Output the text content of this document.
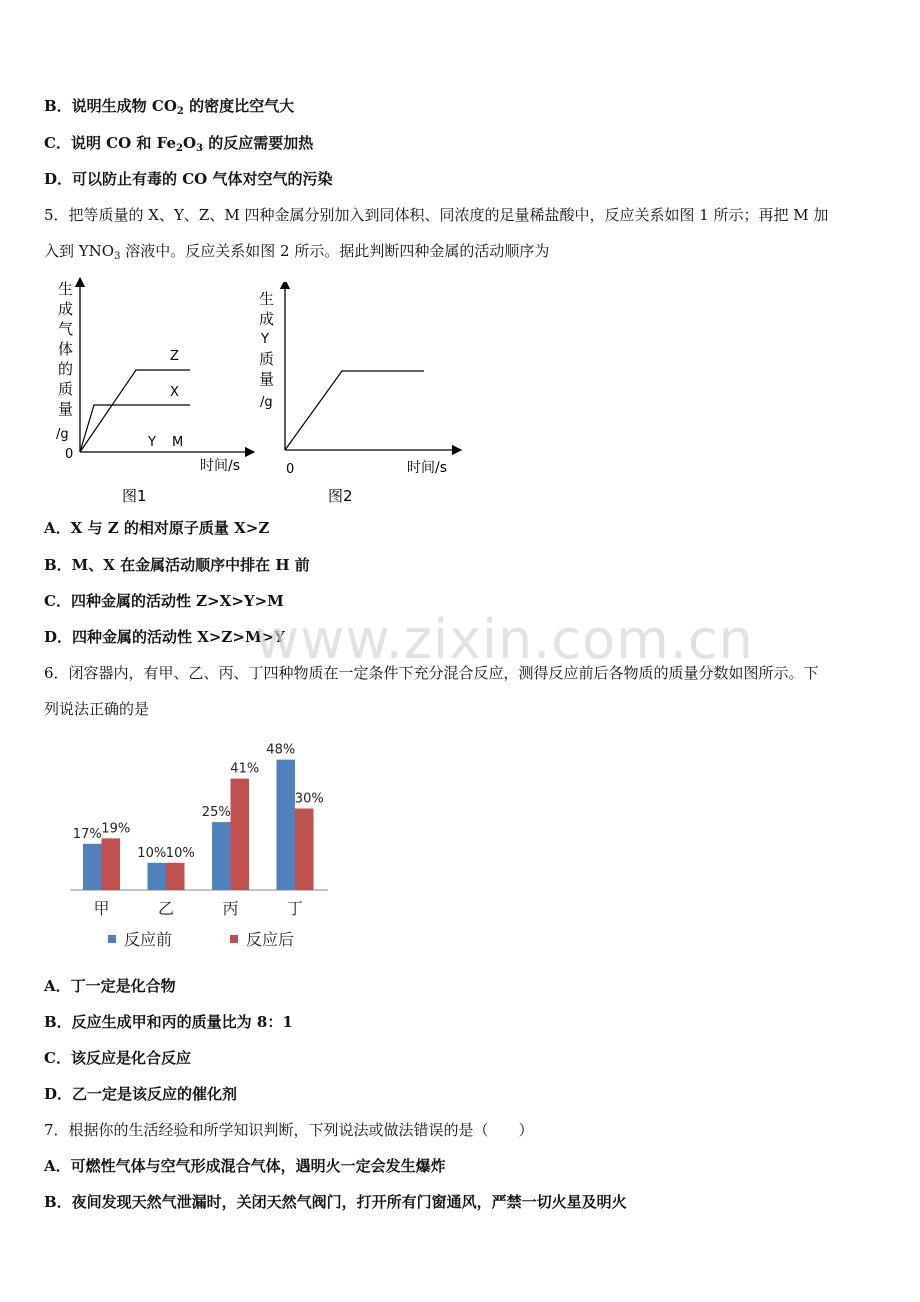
B．说明生成物 $CO_2$ 的密度比空气大
C．说明 CO 和 $Fe_2O_3$ 的反应需要加热
D．可以防止有毒的 CO 气体对空气的污染
5．把等质量的 X、Y、Z、M 四种金属分别加入到同体积、同浓度的足量稀盐酸中，反应关系如图 1 所示；再把 M 加
入到 $YNO_3$ 溶液中。反应关系如图 2 所示。据此判断四种金属的活动顺序为
生
成
气
体
的
质
量
/g
0
Z
X
Y M
时间/s
图1
生
成
Y
质
量
/g
0	时间/s
图2
A．X 与 Z 的相对原子质量 X>Z
B．M、X 在金属活动顺序中排在 H 前
C．四种金属的活动性 Z>X>Y>M
D．四种金属的活动性 X>Z>M>Y
www.zixin.com.cn
6．闭容器内，有甲、乙、丙、丁四种物质在一定条件下充分混合反应，测得反应前后各物质的质量分数如图所示。下
列说法正确的是
17% 19%
甲
10% 10%
乙
25%
41%
丙
48%
30%
丁
反应前	反应后
A．丁一定是化合物
B．反应生成甲和丙的质量比为 8：1
C．该反应是化合反应
D．乙一定是该反应的催化剂
7．根据你的生活经验和所学知识判断，下列说法或做法错误的是（　　）
A．可燃性气体与空气形成混合气体，遇明火一定会发生爆炸
B．夜间发现天然气泄漏时，关闭天然气阀门，打开所有门窗通风，严禁一切火星及明火
